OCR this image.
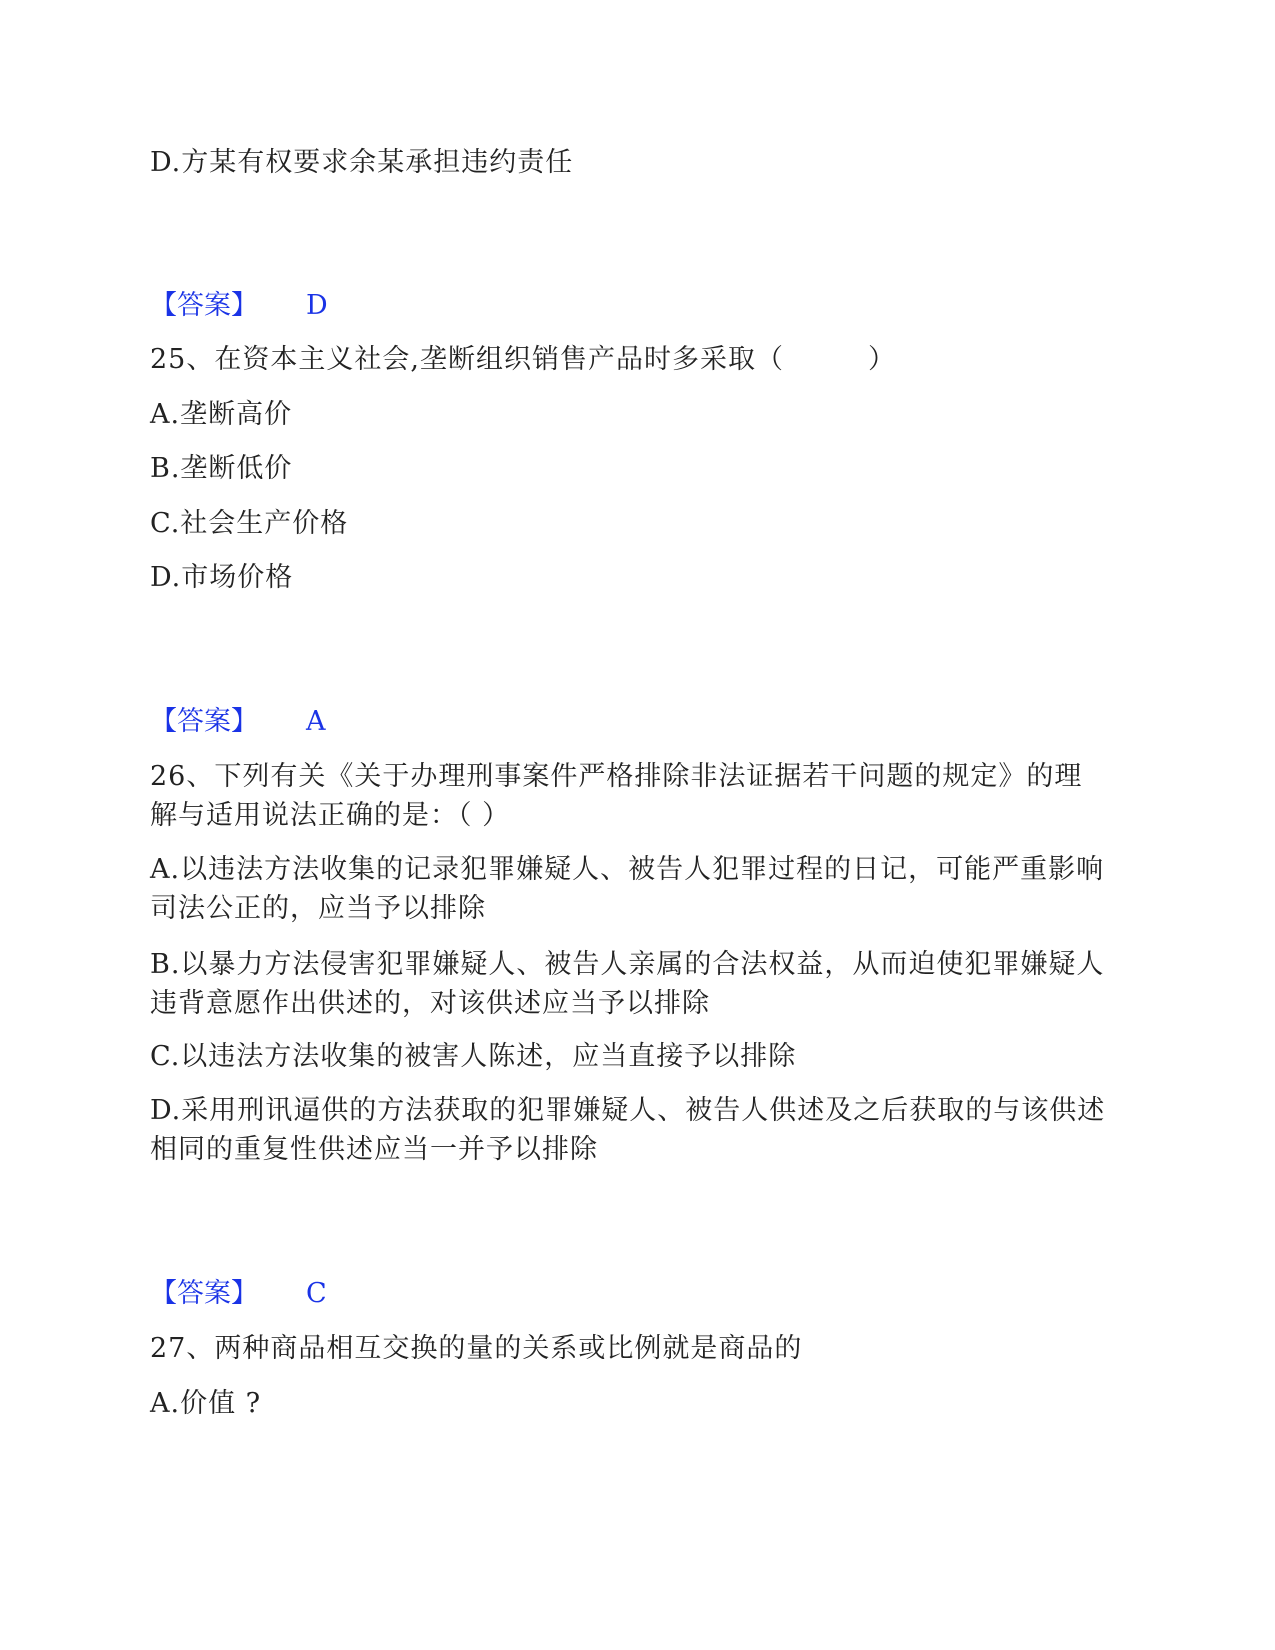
D.方某有权要求余某承担违约责任
【答案】 D
25、在资本主义社会,垄断组织销售产品时多采取（　　　）
A.垄断高价
B.垄断低价
C.社会生产价格
D.市场价格
【答案】 A
26、下列有关《关于办理刑事案件严格排除非法证据若干问题的规定》的理解与适用说法正确的是：（ ）
A.以违法方法收集的记录犯罪嫌疑人、被告人犯罪过程的日记，可能严重影响司法公正的，应当予以排除
B.以暴力方法侵害犯罪嫌疑人、被告人亲属的合法权益，从而迫使犯罪嫌疑人违背意愿作出供述的，对该供述应当予以排除
C.以违法方法收集的被害人陈述，应当直接予以排除
D.采用刑讯逼供的方法获取的犯罪嫌疑人、被告人供述及之后获取的与该供述相同的重复性供述应当一并予以排除
【答案】 C
27、两种商品相互交换的量的关系或比例就是商品的
A.价值 ?
